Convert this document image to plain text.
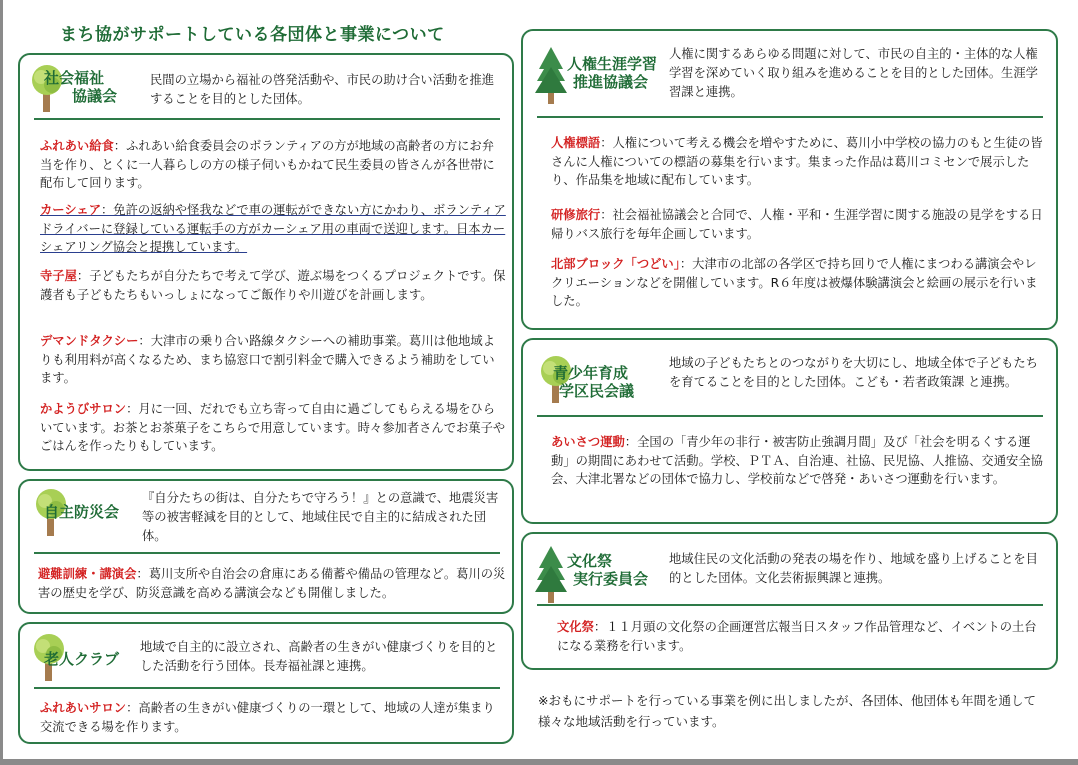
まち協がサポートしている各団体と事業について
社会福祉
協議会
民間の立場から福祉の啓発活動や、市民の助け合い活動を推進することを目的とした団体。
ふれあい給食：ふれあい給食委員会のボランティアの方が地域の高齢者の方にお弁当を作り、とくに一人暮らしの方の様子伺いもかねて民生委員の皆さんが各世帯に配布して回ります。
カーシェア：免許の返納や怪我などで車の運転ができない方にかわり、ボランティアドライバーに登録している運転手の方がカーシェア用の車両で送迎します。日本カーシェアリング協会と提携しています。
寺子屋：子どもたちが自分たちで考えて学び、遊ぶ場をつくるプロジェクトです。保護者も子どもたちもいっしょになってご飯作りや川遊びを計画します。
デマンドタクシー：大津市の乗り合い路線タクシーへの補助事業。葛川は他地域よりも利用料が高くなるため、まち協窓口で割引料金で購入できるよう補助をしています。
かようびサロン：月に一回、だれでも立ち寄って自由に過ごしてもらえる場をひらいています。お茶とお茶菓子をこちらで用意しています。時々参加者さんでお菓子やごはんを作ったりもしています。
自主防災会
『自分たちの街は、自分たちで守ろう！』との意識で、地震災害等の被害軽減を目的として、地域住民で自主的に結成された団体。
避難訓練・講演会：葛川支所や自治会の倉庫にある備蓄や備品の管理など。葛川の災害の歴史を学び、防災意識を高める講演会なども開催しました。
老人クラブ
地域で自主的に設立され、高齢者の生きがい健康づくりを目的とした活動を行う団体。長寿福祉課と連携。
ふれあいサロン：高齢者の生きがい健康づくりの一環として、地域の人達が集まり交流できる場を作ります。
人権生涯学習
推進協議会
人権に関するあらゆる問題に対して、市民の自主的・主体的な人権学習を深めていく取り組みを進めることを目的とした団体。生涯学習課と連携。
人権標語：人権について考える機会を増やすために、葛川小中学校の協力のもと生徒の皆さんに人権についての標語の募集を行います。集まった作品は葛川コミセンで展示したり、作品集を地域に配布しています。
研修旅行：社会福祉協議会と合同で、人権・平和・生涯学習に関する施設の見学をする日帰りバス旅行を毎年企画しています。
北部ブロック「つどい」：大津市の北部の各学区で持ち回りで人権にまつわる講演会やレクリエーションなどを開催しています。R６年度は被爆体験講演会と絵画の展示を行いました。
青少年育成
学区民会議
地域の子どもたちとのつながりを大切にし、地域全体で子どもたちを育てることを目的とした団体。こども・若者政策課 と連携。
あいさつ運動：全国の「青少年の非行・被害防止強調月間」及び「社会を明るくする運動」の期間にあわせて活動。学校、ＰＴＡ、自治連、社協、民児協、人推協、交通安全協会、大津北署などの団体で協力し、学校前などで啓発・あいさつ運動を行います。
文化祭
実行委員会
地域住民の文化活動の発表の場を作り、地域を盛り上げることを目的とした団体。文化芸術振興課と連携。
文化祭：１１月頭の文化祭の企画運営広報当日スタッフ作品管理など、イベントの土台になる業務を行います。
※おもにサポートを行っている事業を例に出しましたが、各団体、他団体も年間を通して様々な地域活動を行っています。
